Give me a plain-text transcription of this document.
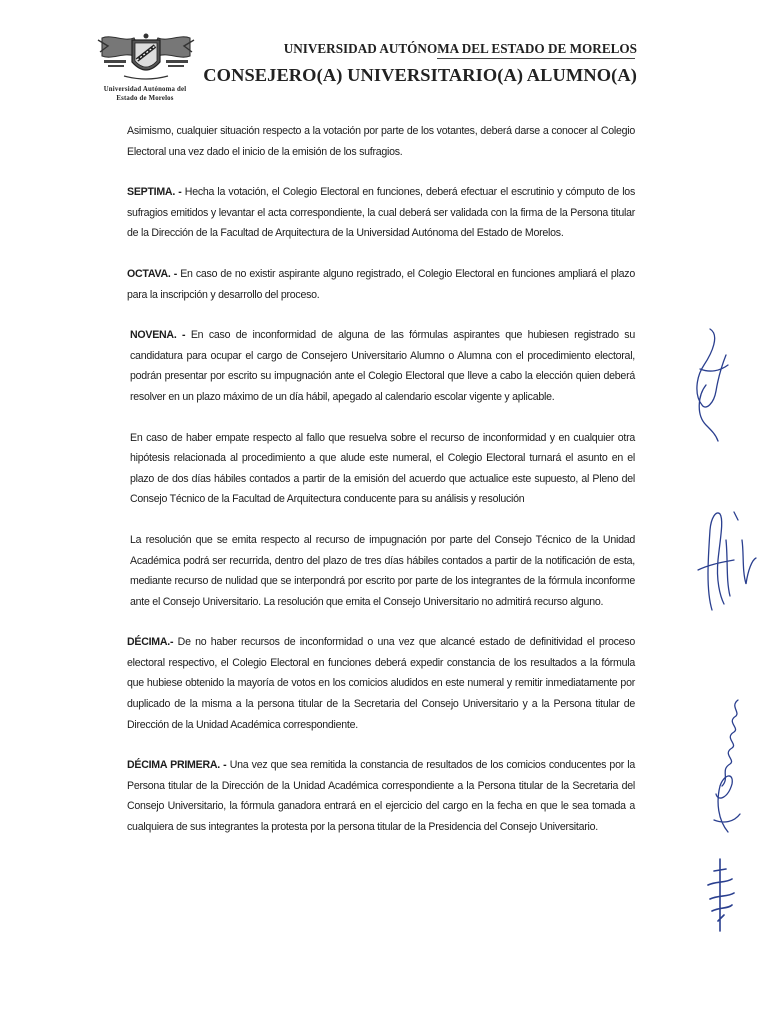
Universidad Autónoma del
Estado de Morelos
UNIVERSIDAD AUTÓNOMA DEL ESTADO DE MORELOS
CONSEJERO(A) UNIVERSITARIO(A) ALUMNO(A)

Asimismo, cualquier situación respecto a la votación por parte de los votantes, deberá darse a conocer al Colegio Electoral una vez dado el inicio de la emisión de los sufragios.

SEPTIMA. - Hecha la votación, el Colegio Electoral en funciones, deberá efectuar el escrutinio y cómputo de los sufragios emitidos y levantar el acta correspondiente, la cual deberá ser validada con la firma de la Persona titular de la Dirección de la Facultad de Arquitectura de la Universidad Autónoma del Estado de Morelos.

OCTAVA. - En caso de no existir aspirante alguno registrado, el Colegio Electoral en funciones ampliará el plazo para la inscripción y desarrollo del proceso.

NOVENA. - En caso de inconformidad de alguna de las fórmulas aspirantes que hubiesen registrado su candidatura para ocupar el cargo de Consejero Universitario Alumno o Alumna con el procedimiento electoral, podrán presentar por escrito su impugnación ante el Colegio Electoral que lleve a cabo la elección quien deberá resolver en un plazo máximo de un día hábil, apegado al calendario escolar vigente y aplicable.

En caso de haber empate respecto al fallo que resuelva sobre el recurso de inconformidad y en cualquier otra hipótesis relacionada al procedimiento a que alude este numeral, el Colegio Electoral turnará el asunto en el plazo de dos días hábiles contados a partir de la emisión del acuerdo que actualice este supuesto, al Pleno del Consejo Técnico de la Facultad de Arquitectura conducente para su análisis y resolución

La resolución que se emita respecto al recurso de impugnación por parte del Consejo Técnico de la Unidad Académica podrá ser recurrida, dentro del plazo de tres días hábiles contados a partir de la notificación de esta, mediante recurso de nulidad que se interpondrá por escrito por parte de los integrantes de la fórmula inconforme ante el Consejo Universitario. La resolución que emita el Consejo Universitario no admitirá recurso alguno.

DÉCIMA.- De no haber recursos de inconformidad o una vez que alcancé estado de definitividad el proceso electoral respectivo, el Colegio Electoral en funciones deberá expedir constancia de los resultados a la fórmula que hubiese obtenido la mayoría de votos en los comicios aludidos en este numeral y remitir inmediatamente por duplicado de la misma a la persona titular de la Secretaria del Consejo Universitario y a la Persona titular de Dirección de la Unidad Académica correspondiente.

DÉCIMA PRIMERA. - Una vez que sea remitida la constancia de resultados de los comicios conducentes por la Persona titular de la Dirección de la Unidad Académica correspondiente a la Persona titular de la Secretaria del Consejo Universitario, la fórmula ganadora entrará en el ejercicio del cargo en la fecha en que le sea tomada a cualquiera de sus integrantes la protesta por la persona titular de la Presidencia del Consejo Universitario.
